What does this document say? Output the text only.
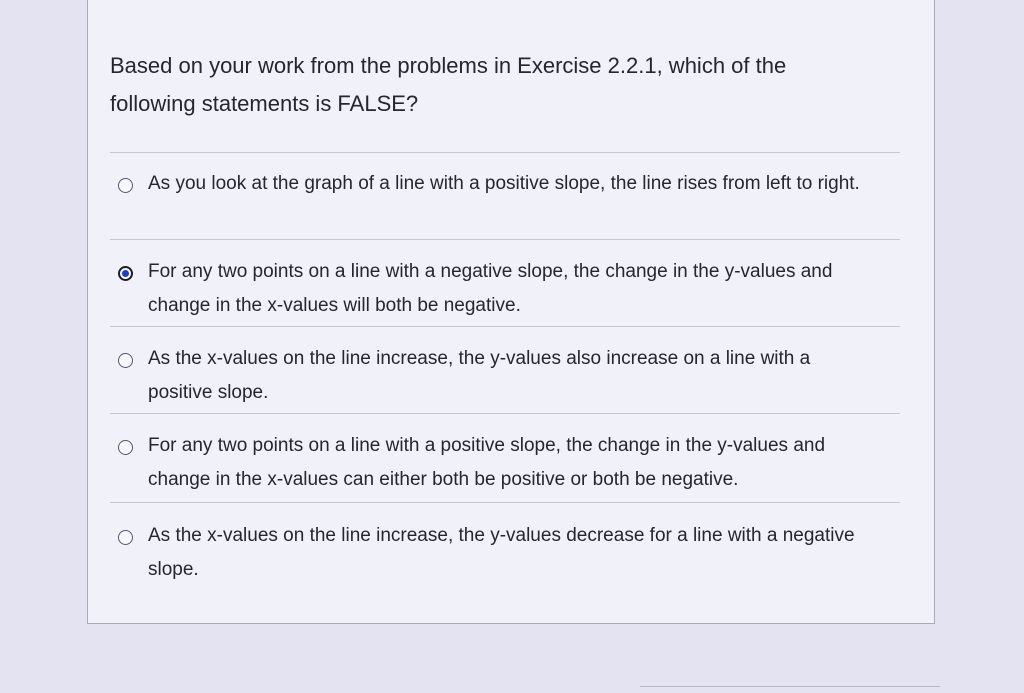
Based on your work from the problems in Exercise 2.2.1, which of the following statements is FALSE?
As you look at the graph of a line with a positive slope, the line rises from left to right.
For any two points on a line with a negative slope, the change in the y-values and change in the x-values will both be negative.
As the x-values on the line increase, the y-values also increase on a line with a positive slope.
For any two points on a line with a positive slope, the change in the y-values and change in the x-values can either both be positive or both be negative.
As the x-values on the line increase, the y-values decrease for a line with a negative slope.
